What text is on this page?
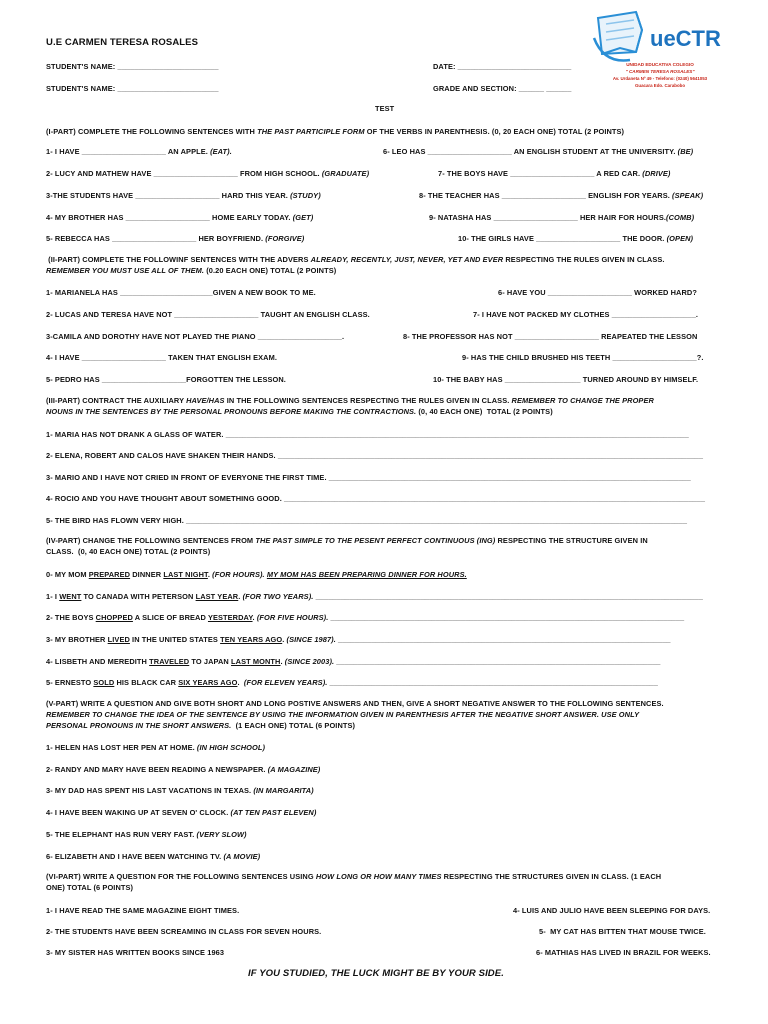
U.E CARMEN TERESA ROSALES	ueCTR
UNIDAD EDUCATIVA COLEGIO
" CARMEN TERESA ROSALES"
Av. Urdaneta Nº 49 - Telefono: (0240) 5641053
Guacara Edo. Carabobo
STUDENT'S NAME: ________________________
STUDENT'S NAME: ________________________
DATE: ___________________________
GRADE AND SECTION: ______ ______
TEST
(I-PART) COMPLETE THE FOLLOWING SENTENCES WITH THE PAST PARTICIPLE FORM OF THE VERBS IN PARENTHESIS. (0, 20 EACH ONE) TOTAL (2 POINTS)
1- I HAVE ____________________ AN APPLE. (EAT).
2- LUCY AND MATHEW HAVE ____________________ FROM HIGH SCHOOL. (GRADUATE)
3-THE STUDENTS HAVE ____________________ HARD THIS YEAR. (STUDY)
4- MY BROTHER HAS ____________________ HOME EARLY TODAY. (GET)
5- REBECCA HAS ____________________ HER BOYFRIEND. (FORGIVE)
6- LEO HAS ____________________ AN ENGLISH STUDENT AT THE UNIVERSITY. (BE)
7- THE BOYS HAVE ____________________ A RED CAR. (DRIVE)
8- THE TEACHER HAS ____________________ ENGLISH FOR YEARS. (SPEAK)
9- NATASHA HAS ____________________ HER HAIR FOR HOURS.(COMB)
10- THE GIRLS HAVE ____________________ THE DOOR. (OPEN)
(II-PART) COMPLETE THE FOLLOWINF SENTENCES WITH THE ADVERS ALREADY, RECENTLY, JUST, NEVER, YET AND EVER RESPECTING THE RULES GIVEN IN CLASS.
REMEMBER YOU MUST USE ALL OF THEM. (0.20 EACH ONE) TOTAL (2 POINTS)
1- MARIANELA HAS ______________________GIVEN A NEW BOOK TO ME.
2- LUCAS AND TERESA HAVE NOT ____________________ TAUGHT AN ENGLISH CLASS.
3-CAMILA AND DOROTHY HAVE NOT PLAYED THE PIANO ____________________.
4- I HAVE ____________________ TAKEN THAT ENGLISH EXAM.
5- PEDRO HAS ____________________FORGOTTEN THE LESSON.
6- HAVE YOU ____________________ WORKED HARD?
7- I HAVE NOT PACKED MY CLOTHES ____________________.
8- THE PROFESSOR HAS NOT ____________________ REAPEATED THE LESSON
9- HAS THE CHILD BRUSHED HIS TEETH ____________________?.
10- THE BABY HAS __________________ TURNED AROUND BY HIMSELF.
(III-PART) CONTRACT THE AUXILIARY HAVE/HAS IN THE FOLLOWING SENTENCES RESPECTING THE RULES GIVEN IN CLASS. REMEMBER TO CHANGE THE PROPER
NOUNS IN THE SENTENCES BY THE PERSONAL PRONOUNS BEFORE MAKING THE CONTRACTIONS. (0, 40 EACH ONE)  TOTAL (2 POINTS)
1- MARIA HAS NOT DRANK A GLASS OF WATER. ______________________________________________________________________________________________________________
2- ELENA, ROBERT AND CALOS HAVE SHAKEN THEIR HANDS. _____________________________________________________________________________________________________
3- MARIO AND I HAVE NOT CRIED IN FRONT OF EVERYONE THE FIRST TIME. ______________________________________________________________________________________
4- ROCIO AND YOU HAVE THOUGHT ABOUT SOMETHING GOOD. ____________________________________________________________________________________________________
5- THE BIRD HAS FLOWN VERY HIGH. _______________________________________________________________________________________________________________________
(IV-PART) CHANGE THE FOLLOWING SENTENCES FROM THE PAST SIMPLE TO THE PESENT PERFECT CONTINUOUS (ING) RESPECTING THE STRUCTURE GIVEN IN
CLASS.  (0, 40 EACH ONE) TOTAL (2 POINTS)
0- MY MOM PREPARED DINNER LAST NIGHT. (FOR HOURS). MY MOM HAS BEEN PREPARING DINNER FOR HOURS.
1- I WENT TO CANADA WITH PETERSON LAST YEAR. (FOR TWO YEARS). ____________________________________________________________________________________________
2- THE BOYS CHOPPED A SLICE OF BREAD YESTERDAY. (FOR FIVE HOURS). ____________________________________________________________________________________
3- MY BROTHER LIVED IN THE UNITED STATES TEN YEARS AGO. (SINCE 1987). _______________________________________________________________________________
4- LISBETH AND MEREDITH TRAVELED TO JAPAN LAST MONTH. (SINCE 2003). _____________________________________________________________________________
5- ERNESTO SOLD HIS BLACK CAR SIX YEARS AGO.  (FOR ELEVEN YEARS). ______________________________________________________________________________
(V-PART) WRITE A QUESTION AND GIVE BOTH SHORT AND LONG POSTIVE ANSWERS AND THEN, GIVE A SHORT NEGATIVE ANSWER TO THE FOLLOWING SENTENCES.
REMEMBER TO CHANGE THE IDEA OF THE SENTENCE BY USING THE INFORMATION GIVEN IN PARENTHESIS AFTER THE NEGATIVE SHORT ANSWER. USE ONLY
PERSONAL PRONOUNS IN THE SHORT ANSWERS.  (1 EACH ONE) TOTAL (6 POINTS)
1- HELEN HAS LOST HER PEN AT HOME. (IN HIGH SCHOOL)
2- RANDY AND MARY HAVE BEEN READING A NEWSPAPER. (A MAGAZINE)
3- MY DAD HAS SPENT HIS LAST VACATIONS IN TEXAS. (IN MARGARITA)
4- I HAVE BEEN WAKING UP AT SEVEN O' CLOCK. (AT TEN PAST ELEVEN)
5- THE ELEPHANT HAS RUN VERY FAST. (VERY SLOW)
6- ELIZABETH AND I HAVE BEEN WATCHING TV. (A MOVIE)
(VI-PART) WRITE A QUESTION FOR THE FOLLOWING SENTENCES USING HOW LONG OR HOW MANY TIMES RESPECTING THE STRUCTURES GIVEN IN CLASS. (1 EACH
ONE) TOTAL (6 POINTS)
1- I HAVE READ THE SAME MAGAZINE EIGHT TIMES.
2- THE STUDENTS HAVE BEEN SCREAMING IN CLASS FOR SEVEN HOURS.
3- MY SISTER HAS WRITTEN BOOKS SINCE 1963
4- LUIS AND JULIO HAVE BEEN SLEEPING FOR DAYS.
5-  MY CAT HAS BITTEN THAT MOUSE TWICE.
6- MATHIAS HAS LIVED IN BRAZIL FOR WEEKS.
IF YOU STUDIED, THE LUCK MIGHT BE BY YOUR SIDE.
